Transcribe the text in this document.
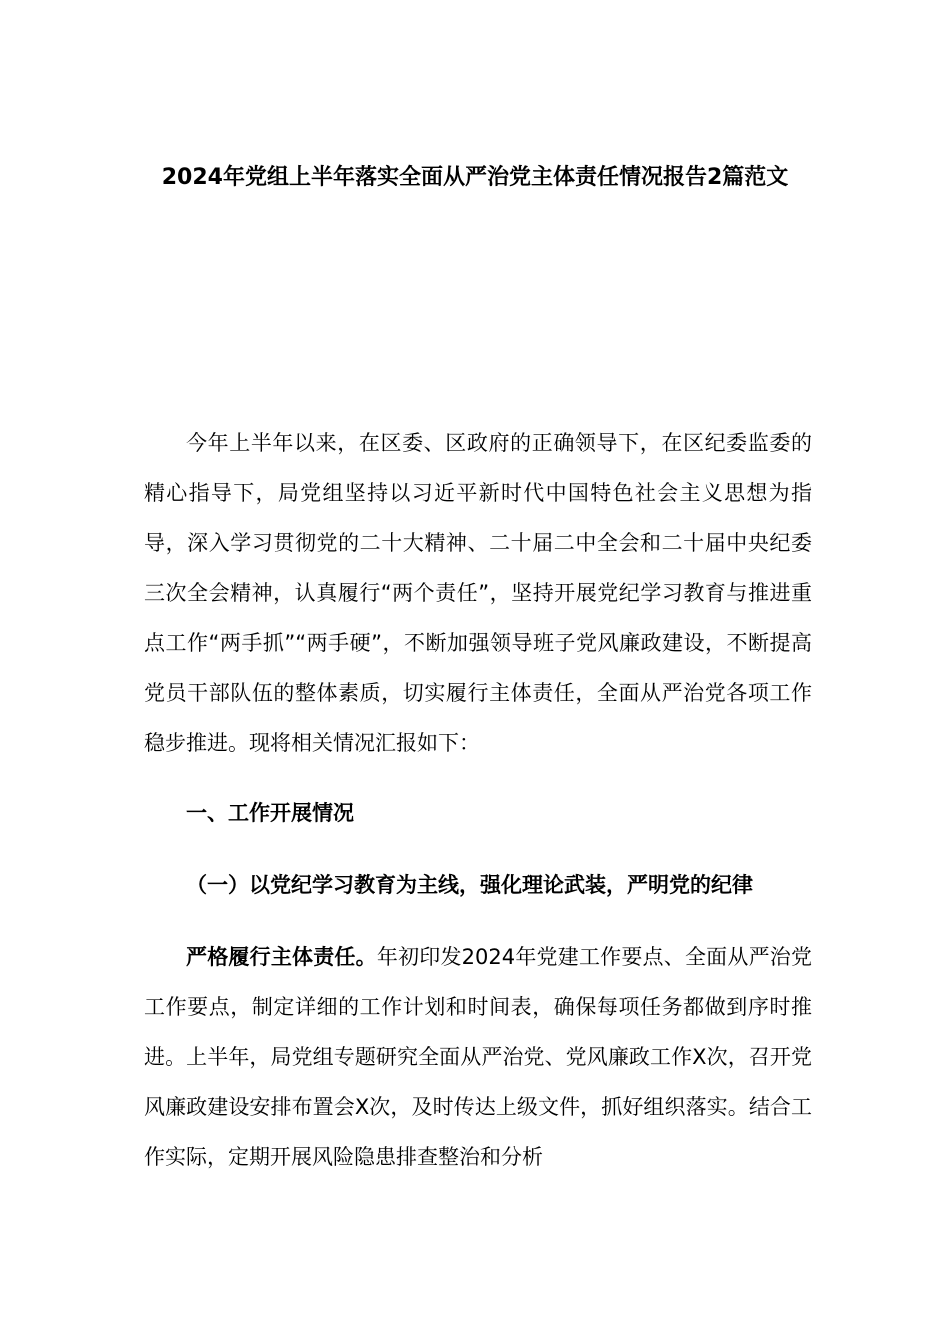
2024年党组上半年落实全面从严治党主体责任情况报告2篇范文

今年上半年以来，在区委、区政府的正确领导下，在区纪委监委的精心指导下，局党组坚持以习近平新时代中国特色社会主义思想为指导，深入学习贯彻党的二十大精神、二十届二中全会和二十届中央纪委三次全会精神，认真履行“两个责任”，坚持开展党纪学习教育与推进重点工作“两手抓”“两手硬”，不断加强领导班子党风廉政建设，不断提高党员干部队伍的整体素质，切实履行主体责任，全面从严治党各项工作稳步推进。现将相关情况汇报如下：

一、工作开展情况

（一）以党纪学习教育为主线，强化理论武装，严明党的纪律

严格履行主体责任。年初印发2024年党建工作要点、全面从严治党工作要点，制定详细的工作计划和时间表，确保每项任务都做到序时推进。上半年，局党组专题研究全面从严治党、党风廉政工作X次，召开党风廉政建设安排布置会X次，及时传达上级文件，抓好组织落实。结合工作实际，定期开展风险隐患排查整治和分析
